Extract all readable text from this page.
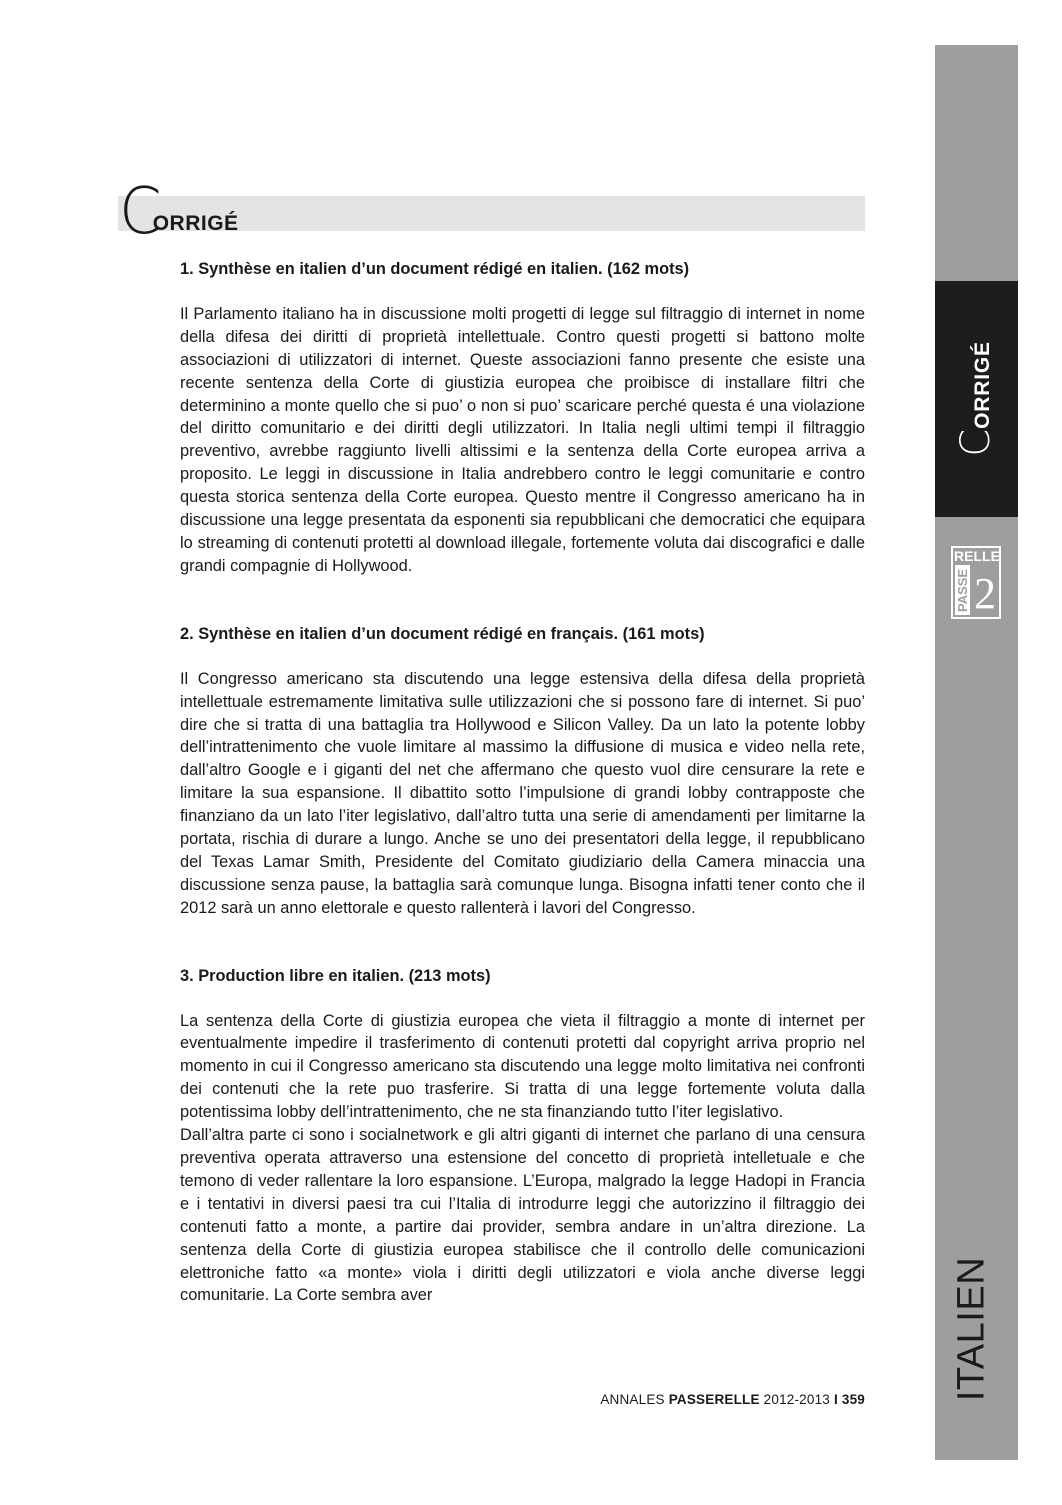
C
ORRIGÉ

1. Synthèse en italien d’un document rédigé en italien. (162 mots)

Il Parlamento italiano ha in discussione molti progetti di legge sul filtraggio di internet in nome della difesa dei diritti di proprietà intellettuale. Contro questi progetti si battono molte associazioni di utilizzatori di internet. Queste associazioni fanno presente che esiste una recente sentenza della Corte di giustizia europea che proibisce di installare filtri che determinino a monte quello che si puo’ o non si puo’ scaricare perché questa é una violazione del diritto comunitario e dei diritti degli utilizzatori. In Italia negli ultimi tempi il filtraggio preventivo, avrebbe raggiunto livelli altissimi e la sentenza della Corte europea arriva a proposito. Le leggi in discussione in Italia andrebbero contro le leggi comunitarie e contro questa storica sentenza della Corte europea. Questo mentre il Congresso americano ha in discussione una legge presentata da esponenti sia repubblicani che democratici che equipara lo streaming di contenuti protetti al download illegale, fortemente voluta dai discografici e dalle grandi compagnie di Hollywood.

2. Synthèse en italien d’un document rédigé en français. (161 mots)

Il Congresso americano sta discutendo una legge estensiva della difesa della proprietà intellettuale estremamente limitativa sulle utilizzazioni che si possono fare di internet. Si puo’ dire che si tratta di una battaglia tra Hollywood e Silicon Valley. Da un lato la potente lobby dell’intrattenimento che vuole limitare al massimo la diffusione di musica e video nella rete, dall’altro Google e i giganti del net che affermano che questo vuol dire censurare la rete e limitare la sua espansione. Il dibattito sotto l’impulsione di grandi lobby contrapposte che finanziano da un lato l’iter legislativo, dall’altro tutta una serie di amendamenti per limitarne la portata, rischia di durare a lungo. Anche se uno dei presentatori della legge, il repubblicano del Texas Lamar Smith, Presidente del Comitato giudiziario della Camera minaccia una discussione senza pause, la battaglia sarà comunque lunga. Bisogna infatti tener conto che il 2012 sarà un anno elettorale e questo rallenterà i lavori del Congresso.

3. Production libre en italien. (213 mots)

La sentenza della Corte di giustizia europea che vieta il filtraggio a monte di internet per eventualmente impedire il trasferimento di contenuti protetti dal copyright arriva proprio nel momento in cui il Congresso americano sta discutendo una legge molto limitativa nei confronti dei contenuti che la rete puo trasferire. Si tratta di una legge fortemente voluta dalla potentissima lobby dell’intrattenimento, che ne sta finanziando tutto l’iter legislativo.

Dall’altra parte ci sono i socialnetwork e gli altri giganti di internet che parlano di una censura preventiva operata attraverso una estensione del concetto di proprietà intelletuale e che temono di veder rallentare la loro espansione. L’Europa, malgrado la legge Hadopi in Francia e i tentativi in diversi paesi tra cui l’Italia di introdurre leggi che autorizzino il filtraggio dei contenuti fatto a monte, a partire dai provider, sembra andare in un’altra direzione. La sentenza della Corte di giustizia europea stabilisce che il controllo delle comunicazioni elettroniche fatto «a monte» viola i diritti degli utilizzatori e viola anche diverse leggi comunitarie. La Corte sembra aver

ANNALES PASSERELLE 2012-2013 I 359
C
ORRIGÉ
RELLE
PASSE 2
ITALIEN
